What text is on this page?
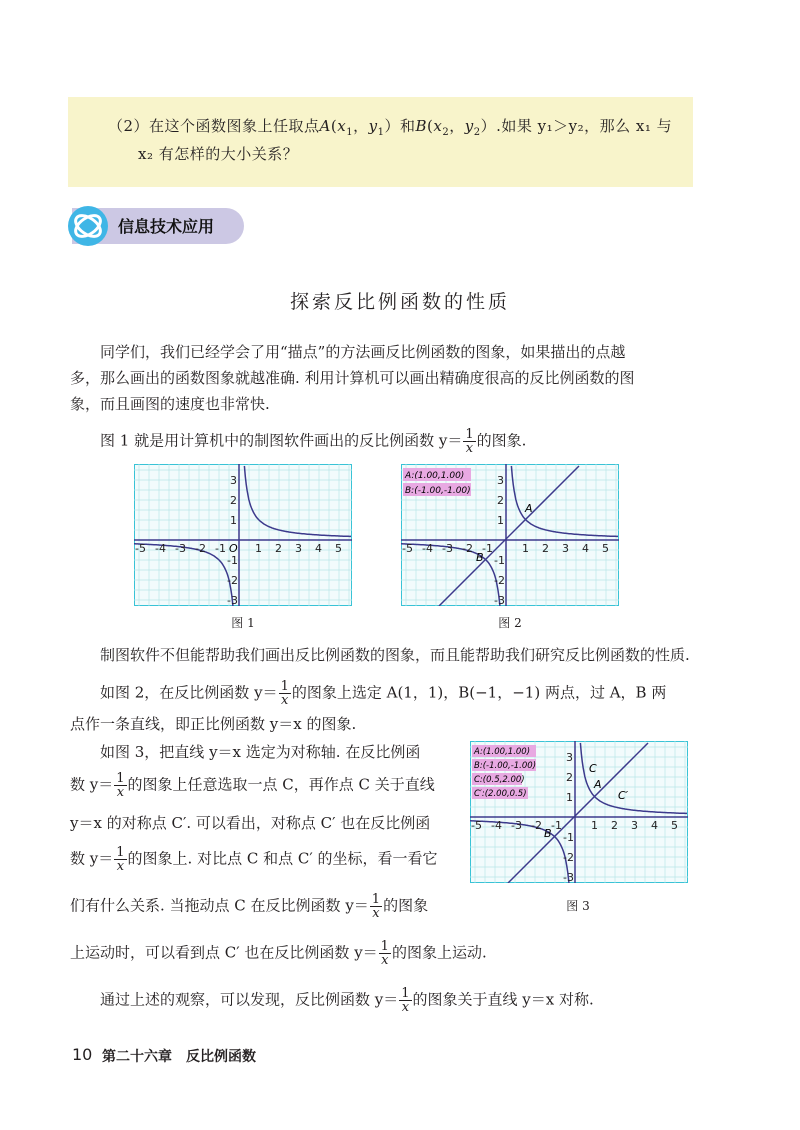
（2）在这个函数图象上任取点$A(x_1$，$y_1$）和$B(x_2$，$y_2$）.如果 y₁＞y₂，那么 x₁ 与
x₂ 有怎样的大小关系？
信息技术应用
探索反比例函数的性质
同学们，我们已经学会了用“描点”的方法画反比例函数的图象，如果描出的点越
多，那么画出的函数图象就越准确. 利用计算机可以画出精确度很高的反比例函数的图
象，而且画图的速度也非常快.
图 1 就是用计算机中的制图软件画出的反比例函数 $y= \frac{1}{x}$ 的图象.
-5 -4 -3 -2 -1	1 2 3 4 5
3
2
1
-1
-2
-3
O
图 1
-5 -4 -3 -2 -1	1 2 3 4 5
3
2
1
-1
-2
-3
A:(1.00,1.00)
B:(-1.00,-1.00)
A
B
图 2
制图软件不但能帮助我们画出反比例函数的图象，而且能帮助我们研究反比例函数的性质.
如图 2，在反比例函数 $y= \frac{1}{x}$ 的图象上选定 A(1，1)，B(−1，−1) 两点，过 A，B 两
点作一条直线，即正比例函数 y＝x 的图象.
如图 3，把直线 y＝x 选定为对称轴. 在反比例函
数 $y= \frac{1}{x}$ 的图象上任意选取一点 C，再作点 C 关于直线
y＝x 的对称点 C′. 可以看出，对称点 C′ 也在反比例函
数 $y= \frac{1}{x}$ 的图象上. 对比点 C 和点 C′ 的坐标，看一看它
们有什么关系. 当拖动点 C 在反比例函数 $y= \frac{1}{x}$ 的图象
上运动时，可以看到点 C′ 也在反比例函数 $y= \frac{1}{x}$ 的图象上运动.
-5 -4 -3 -2 -1	1 2 3 4 5
3
2
1
-1
-2
-3
A:(1.00,1.00)
B:(-1.00,-1.00)
C:(0.5,2.00)
C′:(2.00,0.5)
C
A
C′
B
图 3
通过上述的观察，可以发现，反比例函数 $y= \frac{1}{x}$ 的图象关于直线 y＝x 对称.
10 第二十六章　反比例函数
